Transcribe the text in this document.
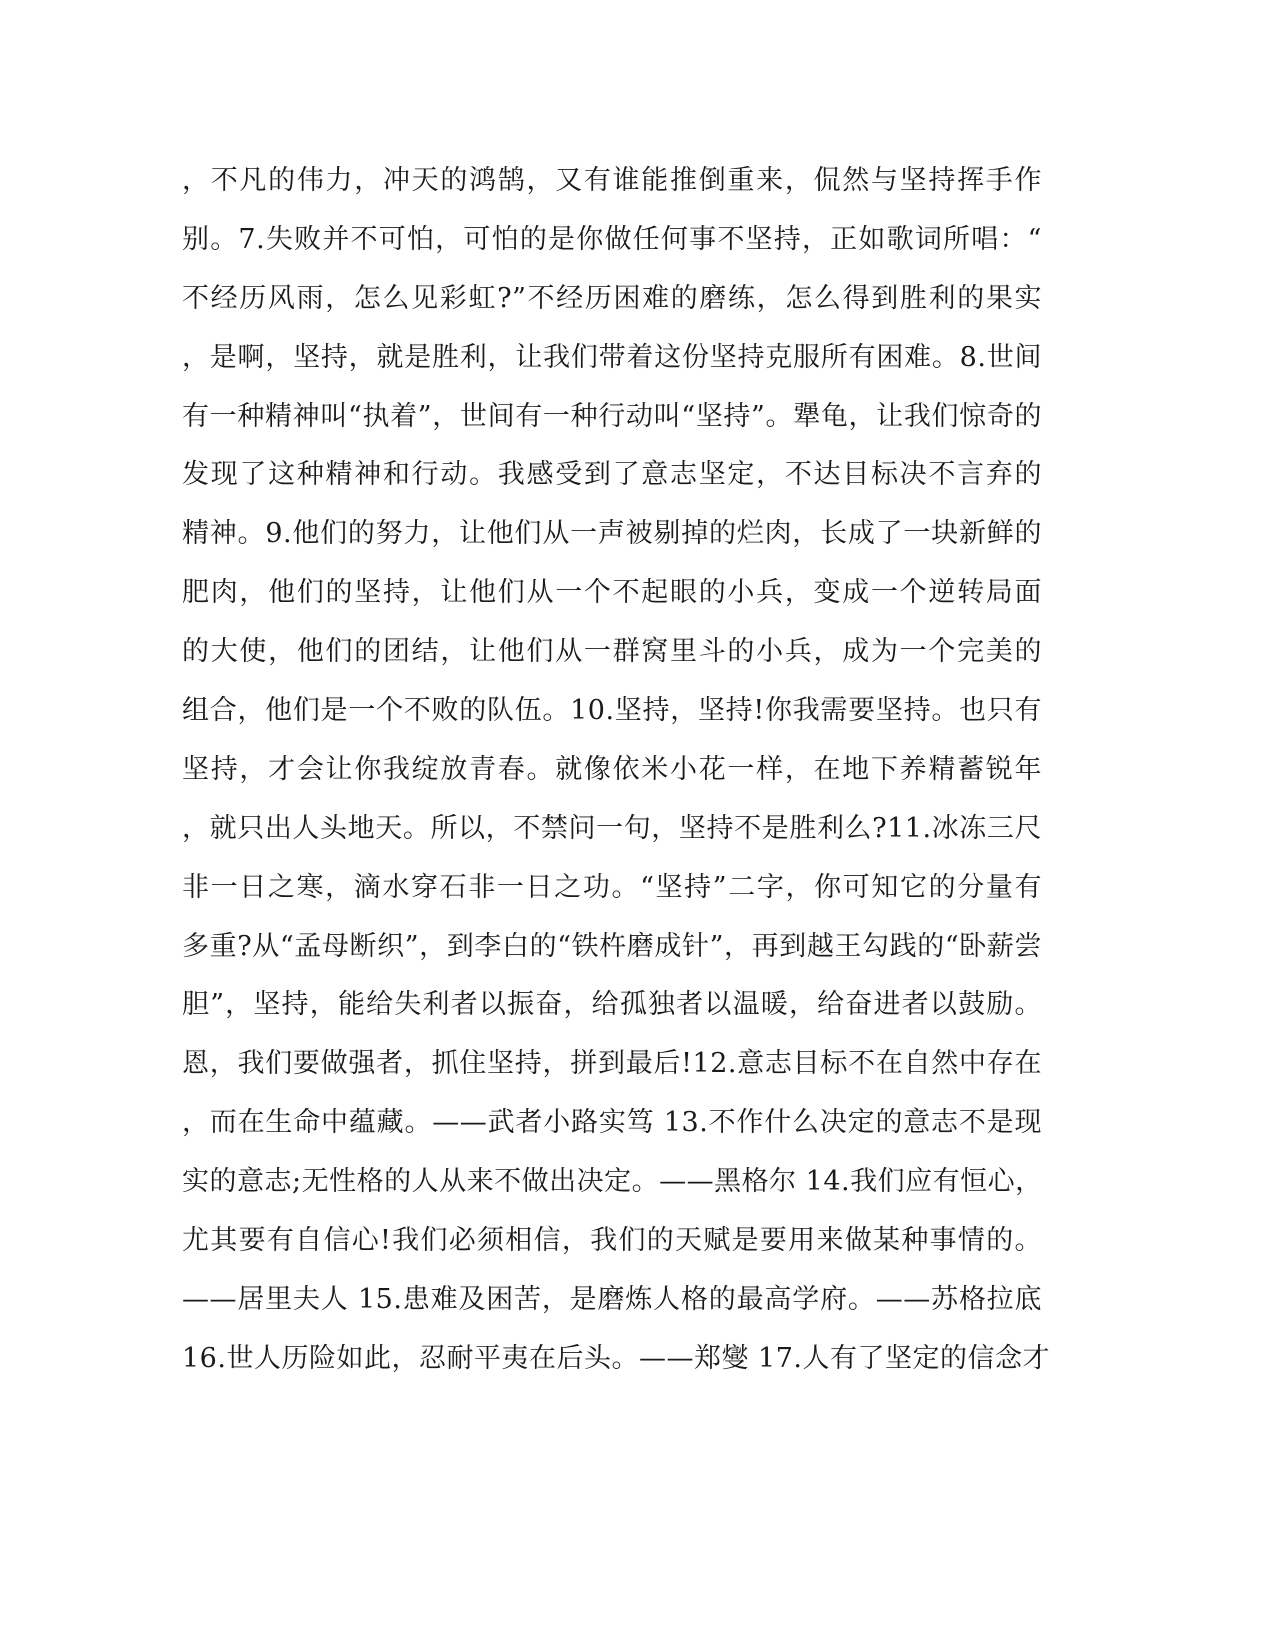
，不凡的伟力，冲天的鸿鹄，又有谁能推倒重来，侃然与坚持挥手作
别。7.失败并不可怕，可怕的是你做任何事不坚持，正如歌词所唱：“
不经历风雨，怎么见彩虹?”不经历困难的磨练，怎么得到胜利的果实
，是啊，坚持，就是胜利，让我们带着这份坚持克服所有困难。8.世间
有一种精神叫“执着”，世间有一种行动叫“坚持”。犟龟，让我们惊奇的
发现了这种精神和行动。我感受到了意志坚定，不达目标决不言弃的
精神。9.他们的努力，让他们从一声被剔掉的烂肉，长成了一块新鲜的
肥肉，他们的坚持，让他们从一个不起眼的小兵，变成一个逆转局面
的大使，他们的团结，让他们从一群窝里斗的小兵，成为一个完美的
组合，他们是一个不败的队伍。10.坚持，坚持!你我需要坚持。也只有
坚持，才会让你我绽放青春。就像依米小花一样，在地下养精蓄锐年
，就只出人头地天。所以，不禁问一句，坚持不是胜利么?11.冰冻三尺
非一日之寒，滴水穿石非一日之功。“坚持”二字，你可知它的分量有
多重?从“孟母断织”，到李白的“铁杵磨成针”，再到越王勾践的“卧薪尝
胆”，坚持，能给失利者以振奋，给孤独者以温暖，给奋进者以鼓励。
恩，我们要做强者，抓住坚持，拼到最后!12.意志目标不在自然中存在
，而在生命中蕴藏。——武者小路实笃 13.不作什么决定的意志不是现
实的意志;无性格的人从来不做出决定。——黑格尔 14.我们应有恒心，
尤其要有自信心!我们必须相信，我们的天赋是要用来做某种事情的。
——居里夫人 15.患难及困苦，是磨炼人格的最高学府。——苏格拉底
16.世人历险如此，忍耐平夷在后头。——郑燮 17.人有了坚定的信念才
